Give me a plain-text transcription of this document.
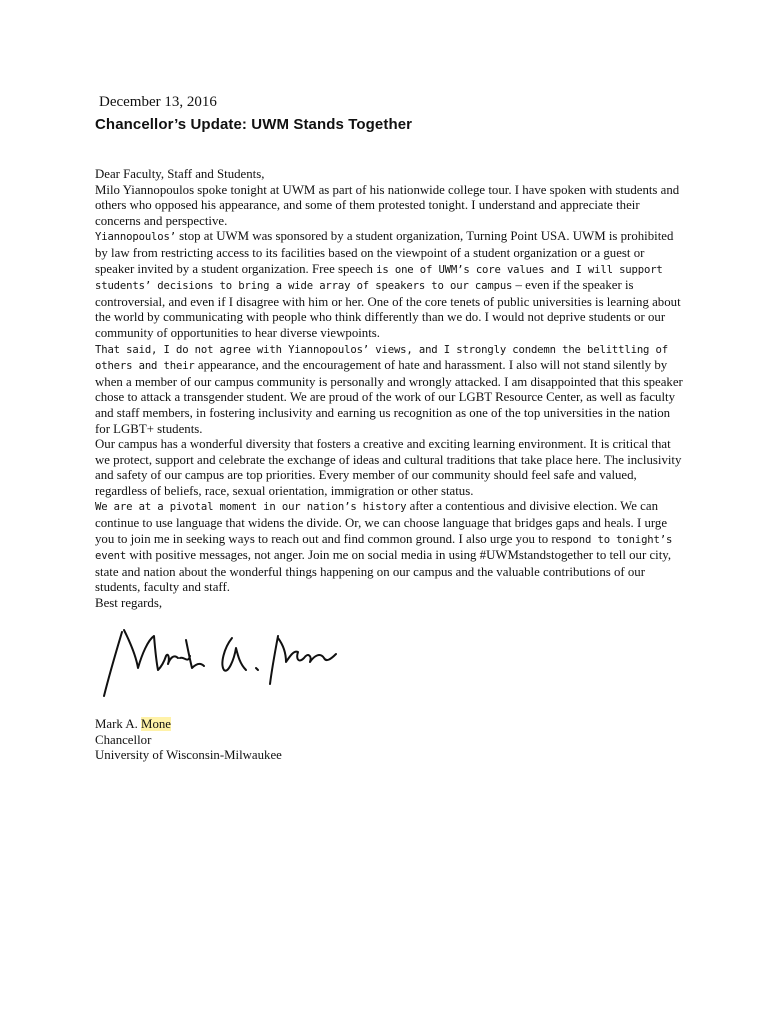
December 13, 2016
Chancellor’s Update: UWM Stands Together

Dear Faculty, Staff and Students,

Milo Yiannopoulos spoke tonight at UWM as part of his nationwide college tour. I have spoken with students and others who opposed his appearance, and some of them protested tonight. I understand and appreciate their concerns and perspective.

Yiannopoulos’ stop at UWM was sponsored by a student organization, Turning Point USA. UWM is prohibited by law from restricting access to its facilities based on the viewpoint of a student organization or a guest or speaker invited by a student organization. Free speech is one of UWM’s core values and I will support students’ decisions to bring a wide array of speakers to our campus – even if the speaker is controversial, and even if I disagree with him or her. One of the core tenets of public universities is learning about the world by communicating with people who think differently than we do. I would not deprive students or our community of opportunities to hear diverse viewpoints.

That said, I do not agree with Yiannopoulos’ views, and I strongly condemn the belittling of others and their appearance, and the encouragement of hate and harassment. I also will not stand silently by when a member of our campus community is personally and wrongly attacked. I am disappointed that this speaker chose to attack a transgender student. We are proud of the work of our LGBT Resource Center, as well as faculty and staff members, in fostering inclusivity and earning us recognition as one of the top universities in the nation for LGBT+ students.

Our campus has a wonderful diversity that fosters a creative and exciting learning environment. It is critical that we protect, support and celebrate the exchange of ideas and cultural traditions that take place here. The inclusivity and safety of our campus are top priorities. Every member of our community should feel safe and valued, regardless of beliefs, race, sexual orientation, immigration or other status.

We are at a pivotal moment in our nation’s history after a contentious and divisive election. We can continue to use language that widens the divide. Or, we can choose language that bridges gaps and heals. I urge you to join me in seeking ways to reach out and find common ground. I also urge you to respond to tonight’s event with positive messages, not anger. Join me on social media in using #UWMstandstogether to tell our city, state and nation about the wonderful things happening on our campus and the valuable contributions of our students, faculty and staff.

Best regards,

Mark A. Mone
Chancellor
University of Wisconsin-Milwaukee
